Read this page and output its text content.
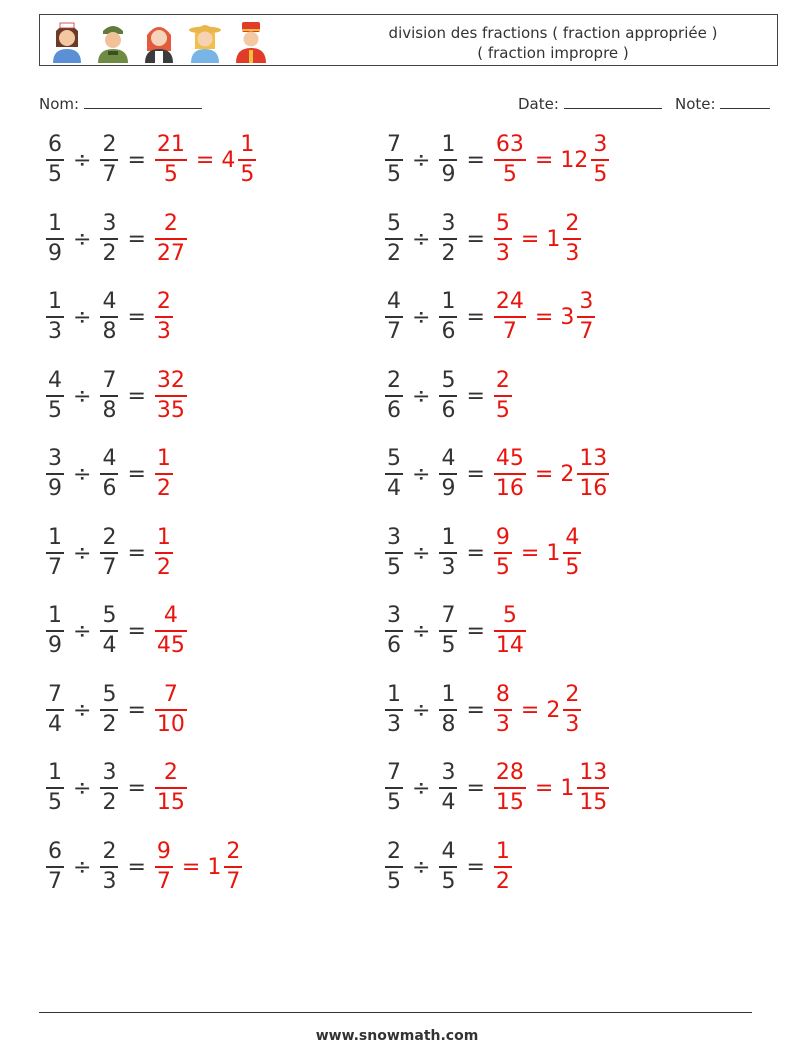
division des fractions ( fraction appropriée )
( fraction impropre )
Nom:	Date:	Note:
$\frac{6}{5} \div \frac{2}{7} = \frac{21}{5} = 4 \frac{1}{5}$
$\frac{1}{9} \div \frac{3}{2} = \frac{2}{27}$
$\frac{1}{3} \div \frac{4}{8} = \frac{2}{3}$
$\frac{4}{5} \div \frac{7}{8} = \frac{32}{35}$
$\frac{3}{9} \div \frac{4}{6} = \frac{1}{2}$
$\frac{1}{7} \div \frac{2}{7} = \frac{1}{2}$
$\frac{1}{9} \div \frac{5}{4} = \frac{4}{45}$
$\frac{7}{4} \div \frac{5}{2} = \frac{7}{10}$
$\frac{1}{5} \div \frac{3}{2} = \frac{2}{15}$
$\frac{6}{7} \div \frac{2}{3} = \frac{9}{7} = 1 \frac{2}{7}$
$\frac{7}{5} \div \frac{1}{9} = \frac{63}{5} = 12 \frac{3}{5}$
$\frac{5}{2} \div \frac{3}{2} = \frac{5}{3} = 1 \frac{2}{3}$
$\frac{4}{7} \div \frac{1}{6} = \frac{24}{7} = 3 \frac{3}{7}$
$\frac{2}{6} \div \frac{5}{6} = \frac{2}{5}$
$\frac{5}{4} \div \frac{4}{9} = \frac{45}{16} = 2 \frac{13}{16}$
$\frac{3}{5} \div \frac{1}{3} = \frac{9}{5} = 1 \frac{4}{5}$
$\frac{3}{6} \div \frac{7}{5} = \frac{5}{14}$
$\frac{1}{3} \div \frac{1}{8} = \frac{8}{3} = 2 \frac{2}{3}$
$\frac{7}{5} \div \frac{3}{4} = \frac{28}{15} = 1 \frac{13}{15}$
$\frac{2}{5} \div \frac{4}{5} = \frac{1}{2}$
www.snowmath.com
